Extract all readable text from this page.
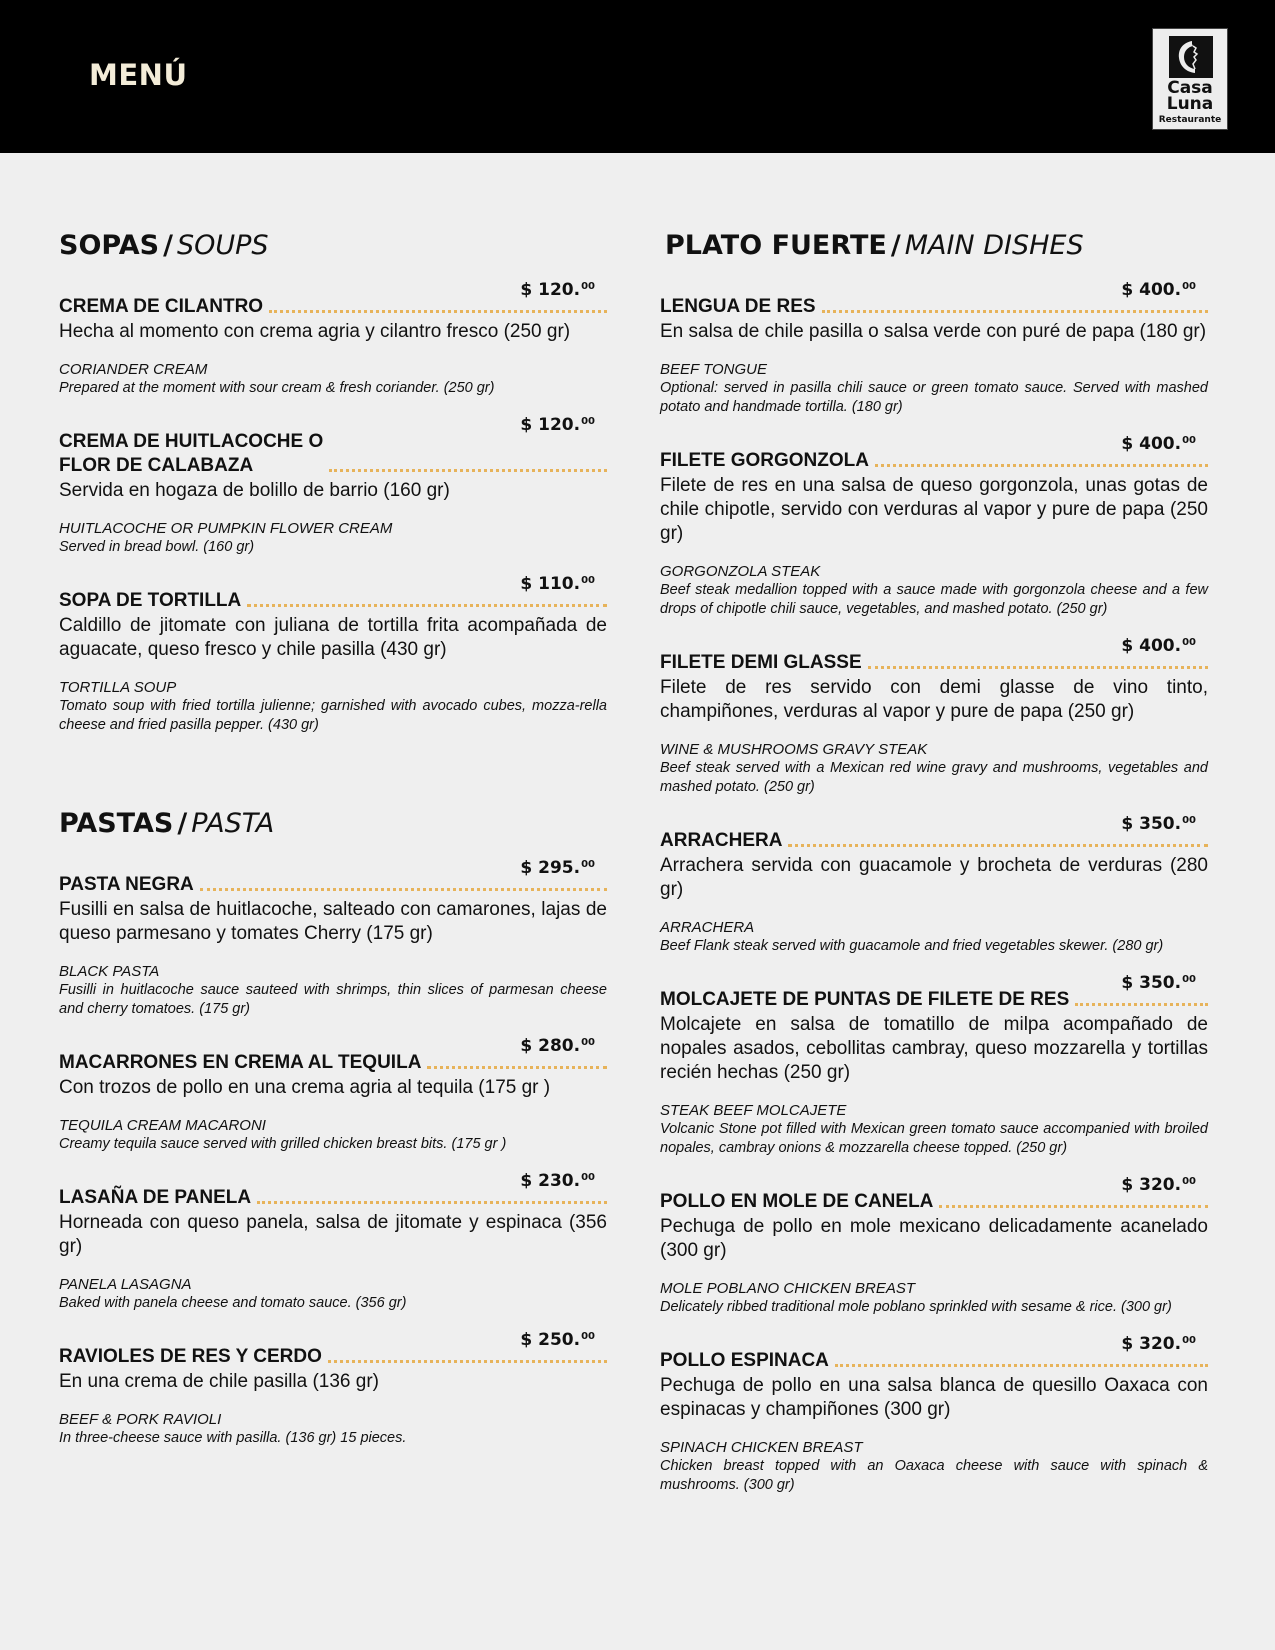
MENÚ	Casa
Luna
Restaurante
SOPAS / SOUPS
$ 120.00
CREMA DE CILANTRO
Hecha al momento con crema agria y cilantro fresco (250 gr)
CORIANDER CREAM
Prepared at the moment with sour cream & fresh coriander. (250 gr)
$ 120.00
CREMA DE HUITLACOCHE O
FLOR DE CALABAZA
Servida en hogaza de bolillo de barrio (160 gr)
HUITLACOCHE OR PUMPKIN FLOWER CREAM
Served in bread bowl. (160 gr)
$ 110.00
SOPA DE TORTILLA
Caldillo de jitomate con juliana de tortilla frita acompañada de aguacate, queso fresco y chile pasilla (430 gr)
TORTILLA SOUP
Tomato soup with fried tortilla julienne; garnished with avocado cubes, mozza-rella cheese and fried pasilla pepper. (430 gr)
PASTAS / PASTA
$ 295.00
PASTA NEGRA
Fusilli en salsa de huitlacoche, salteado con camarones, lajas de queso parmesano y tomates Cherry (175 gr)
BLACK PASTA
Fusilli in huitlacoche sauce sauteed with shrimps, thin slices of parmesan cheese and cherry tomatoes. (175 gr)
$ 280.00
MACARRONES EN CREMA AL TEQUILA
Con trozos de pollo en una crema agria al tequila (175 gr )
TEQUILA CREAM MACARONI
Creamy tequila sauce served with grilled chicken breast bits. (175 gr )
$ 230.00
LASAÑA DE PANELA
Horneada con queso panela, salsa de jitomate y espinaca (356 gr)
PANELA LASAGNA
Baked with panela cheese and tomato sauce. (356 gr)
$ 250.00
RAVIOLES DE RES Y CERDO
En una crema de chile pasilla (136 gr)
BEEF & PORK RAVIOLI
In three-cheese sauce with pasilla. (136 gr) 15 pieces.
PLATO FUERTE / MAIN DISHES
$ 400.00
LENGUA DE RES
En salsa de chile pasilla o salsa verde con puré de papa (180 gr)
BEEF TONGUE
Optional: served in pasilla chili sauce or green tomato sauce. Served with mashed potato and handmade tortilla. (180 gr)
$ 400.00
FILETE GORGONZOLA
Filete de res en una salsa de queso gorgonzola, unas gotas de chile chipotle, servido con verduras al vapor y pure de papa (250 gr)
GORGONZOLA STEAK
Beef steak medallion topped with a sauce made with gorgonzola cheese and a few drops of chipotle chili sauce, vegetables, and mashed potato. (250 gr)
$ 400.00
FILETE DEMI GLASSE
Filete de res servido con demi glasse de vino tinto, champiñones, verduras al vapor y pure de papa (250 gr)
WINE & MUSHROOMS GRAVY STEAK
Beef steak served with a Mexican red wine gravy and mushrooms, vegetables and mashed potato. (250 gr)
$ 350.00
ARRACHERA
Arrachera servida con guacamole y brocheta de verduras (280 gr)
ARRACHERA
Beef Flank steak served with guacamole and fried vegetables skewer. (280 gr)
$ 350.00
MOLCAJETE DE PUNTAS DE FILETE DE RES
Molcajete en salsa de tomatillo de milpa acompañado de nopales asados, cebollitas cambray, queso mozzarella y tortillas recién hechas (250 gr)
STEAK BEEF MOLCAJETE
Volcanic Stone pot filled with Mexican green tomato sauce accompanied with broiled nopales, cambray onions & mozzarella cheese topped. (250 gr)
$ 320.00
POLLO EN MOLE DE CANELA
Pechuga de pollo en mole mexicano delicadamente acanelado (300 gr)
MOLE POBLANO CHICKEN BREAST
Delicately ribbed traditional mole poblano sprinkled with sesame & rice. (300 gr)
$ 320.00
POLLO ESPINACA
Pechuga de pollo en una salsa blanca de quesillo Oaxaca con espinacas y champiñones (300 gr)
SPINACH CHICKEN BREAST
Chicken breast topped with an Oaxaca cheese with sauce with spinach & mushrooms. (300 gr)
